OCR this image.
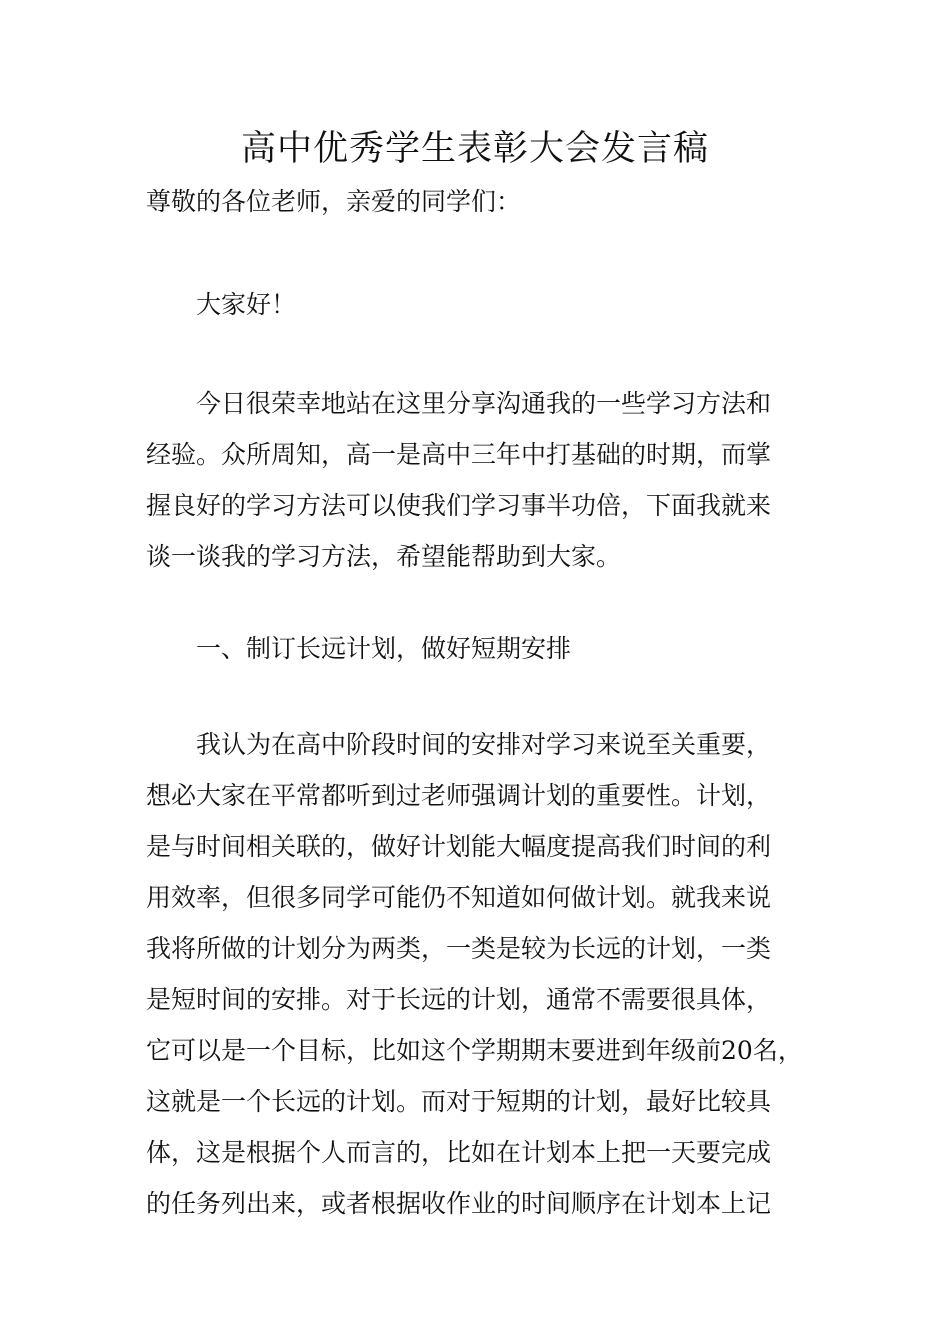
高中优秀学生表彰大会发言稿

尊敬的各位老师，亲爱的同学们：

大家好！

今日很荣幸地站在这里分享沟通我的一些学习方法和
经验。众所周知，高一是高中三年中打基础的时期，而掌
握良好的学习方法可以使我们学习事半功倍，下面我就来
谈一谈我的学习方法，希望能帮助到大家。

一、制订长远计划，做好短期安排

我认为在高中阶段时间的安排对学习来说至关重要，
想必大家在平常都听到过老师强调计划的重要性。计划，
是与时间相关联的，做好计划能大幅度提高我们时间的利
用效率，但很多同学可能仍不知道如何做计划。就我来说
我将所做的计划分为两类，一类是较为长远的计划，一类
是短时间的安排。对于长远的计划，通常不需要很具体，
它可以是一个目标，比如这个学期期末要进到年级前20名，
这就是一个长远的计划。而对于短期的计划，最好比较具
体，这是根据个人而言的，比如在计划本上把一天要完成
的任务列出来，或者根据收作业的时间顺序在计划本上记
